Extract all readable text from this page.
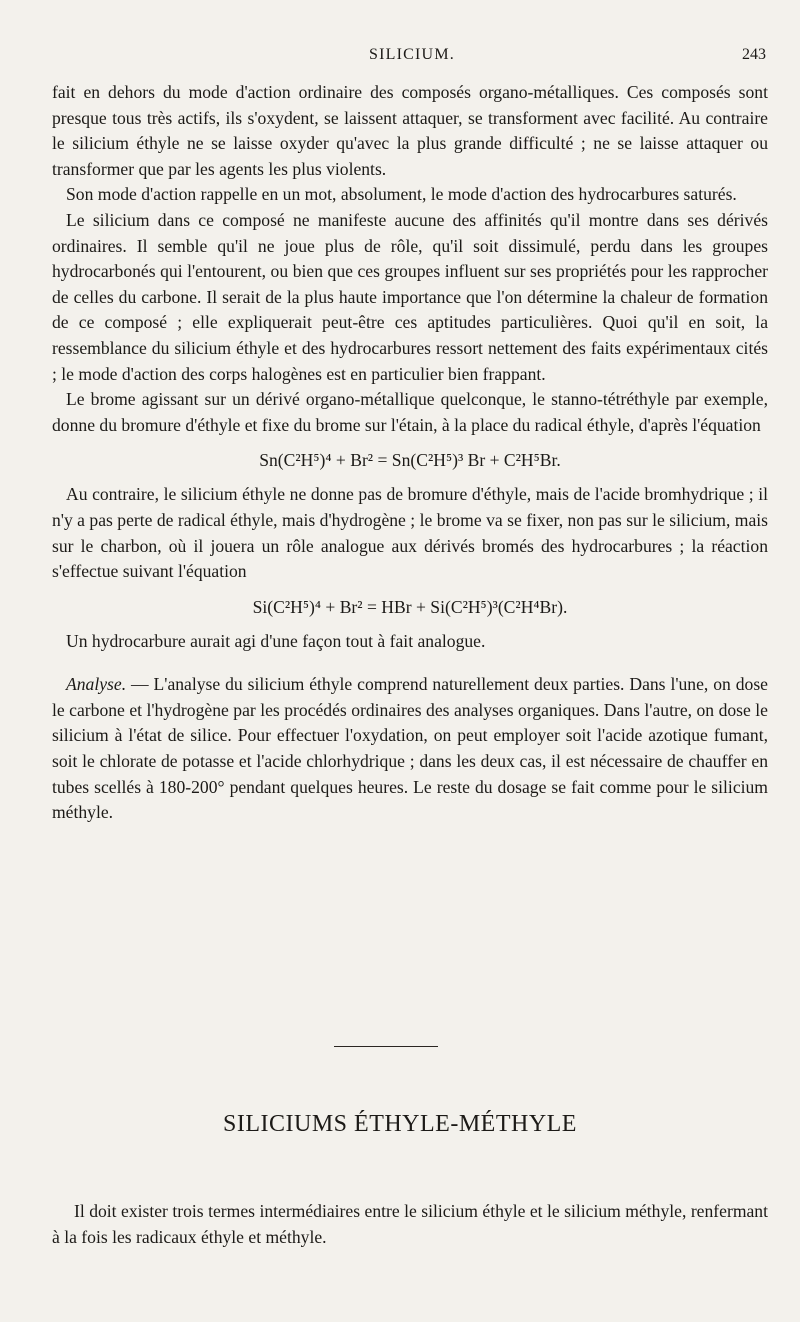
SILICIUM.	243

fait en dehors du mode d'action ordinaire des composés organo-métalliques. Ces composés sont presque tous très actifs, ils s'oxydent, se laissent attaquer, se transforment avec facilité. Au contraire le silicium éthyle ne se laisse oxyder qu'avec la plus grande difficulté ; ne se laisse attaquer ou transformer que par les agents les plus violents.

Son mode d'action rappelle en un mot, absolument, le mode d'action des hydrocarbures saturés.

Le silicium dans ce composé ne manifeste aucune des affinités qu'il montre dans ses dérivés ordinaires. Il semble qu'il ne joue plus de rôle, qu'il soit dissimulé, perdu dans les groupes hydrocarbonés qui l'entourent, ou bien que ces groupes influent sur ses propriétés pour les rapprocher de celles du carbone. Il serait de la plus haute importance que l'on détermine la chaleur de formation de ce composé ; elle expliquerait peut-être ces aptitudes particulières. Quoi qu'il en soit, la ressemblance du silicium éthyle et des hydrocarbures ressort nettement des faits expérimentaux cités ; le mode d'action des corps halogènes est en particulier bien frappant.

Le brome agissant sur un dérivé organo-métallique quelconque, le stanno-tétréthyle par exemple, donne du bromure d'éthyle et fixe du brome sur l'étain, à la place du radical éthyle, d'après l'équation

Sn(C²H⁵)⁴ + Br² = Sn(C²H⁵)³ Br + C²H⁵Br.

Au contraire, le silicium éthyle ne donne pas de bromure d'éthyle, mais de l'acide bromhydrique ; il n'y a pas perte de radical éthyle, mais d'hydrogène ; le brome va se fixer, non pas sur le silicium, mais sur le charbon, où il jouera un rôle analogue aux dérivés bromés des hydrocarbures ; la réaction s'effectue suivant l'équation

Si(C²H⁵)⁴ + Br² = HBr + Si(C²H⁵)³(C²H⁴Br).

Un hydrocarbure aurait agi d'une façon tout à fait analogue.

Analyse. — L'analyse du silicium éthyle comprend naturellement deux parties. Dans l'une, on dose le carbone et l'hydrogène par les procédés ordinaires des analyses organiques. Dans l'autre, on dose le silicium à l'état de silice. Pour effectuer l'oxydation, on peut employer soit l'acide azotique fumant, soit le chlorate de potasse et l'acide chlorhydrique ; dans les deux cas, il est nécessaire de chauffer en tubes scellés à 180-200° pendant quelques heures. Le reste du dosage se fait comme pour le silicium méthyle.

SILICIUMS ÉTHYLE-MÉTHYLE

Il doit exister trois termes intermédiaires entre le silicium éthyle et le silicium méthyle, renfermant à la fois les radicaux éthyle et méthyle.
